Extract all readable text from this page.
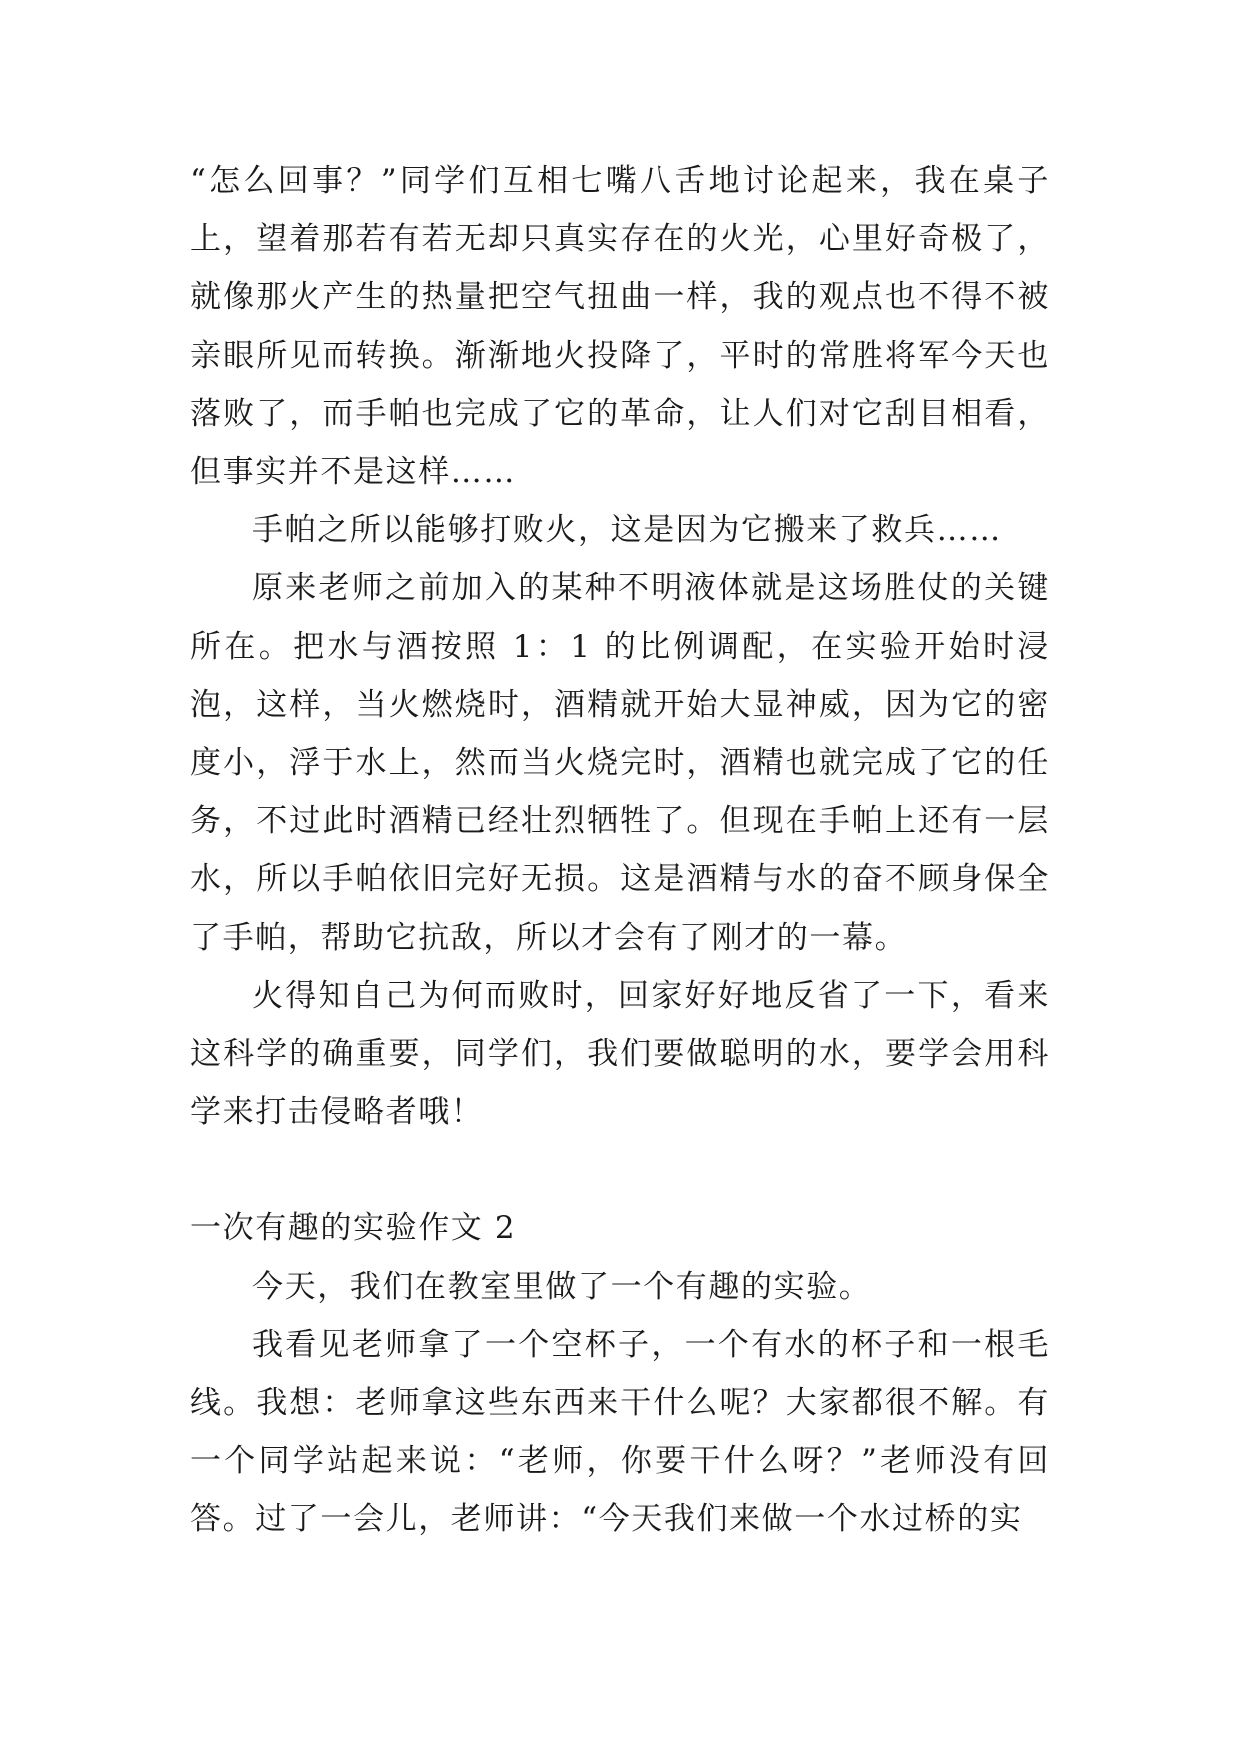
“怎么回事？”同学们互相七嘴八舌地讨论起来，我在桌子上，望着那若有若无却只真实存在的火光，心里好奇极了，就像那火产生的热量把空气扭曲一样，我的观点也不得不被亲眼所见而转换。渐渐地火投降了，平时的常胜将军今天也落败了，而手帕也完成了它的革命，让人们对它刮目相看，但事实并不是这样……

手帕之所以能够打败火，这是因为它搬来了救兵……

原来老师之前加入的某种不明液体就是这场胜仗的关键所在。把水与酒按照 1：1 的比例调配，在实验开始时浸泡，这样，当火燃烧时，酒精就开始大显神威，因为它的密度小，浮于水上，然而当火烧完时，酒精也就完成了它的任务，不过此时酒精已经壮烈牺牲了。但现在手帕上还有一层水，所以手帕依旧完好无损。这是酒精与水的奋不顾身保全了手帕，帮助它抗敌，所以才会有了刚才的一幕。

火得知自己为何而败时，回家好好地反省了一下，看来这科学的确重要，同学们，我们要做聪明的水，要学会用科学来打击侵略者哦！

一次有趣的实验作文 2

今天，我们在教室里做了一个有趣的实验。

我看见老师拿了一个空杯子，一个有水的杯子和一根毛线。我想：老师拿这些东西来干什么呢？大家都很不解。有一个同学站起来说：“老师，你要干什么呀？”老师没有回答。过了一会儿，老师讲：“今天我们来做一个水过桥的实
